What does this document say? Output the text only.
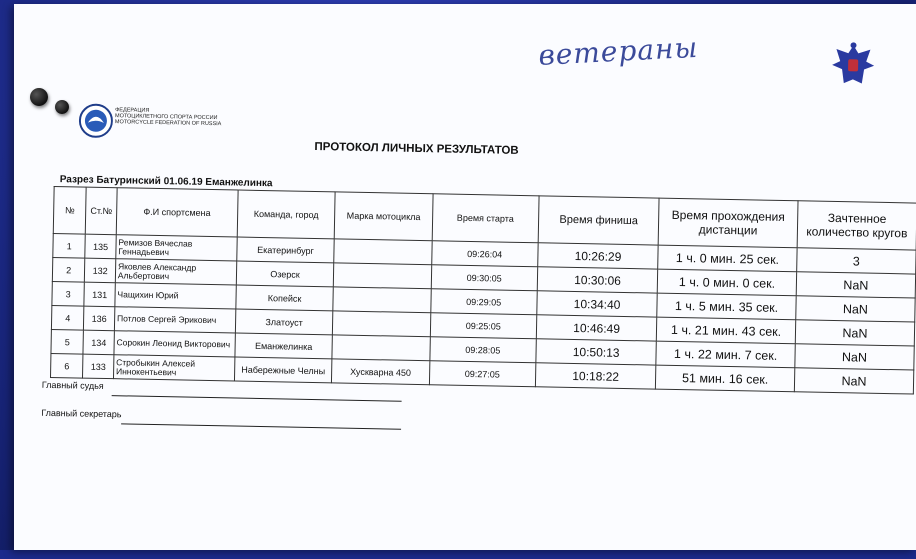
ветераны
ФЕДЕРАЦИЯ
МОТОЦИКЛЕТНОГО СПОРТА РОССИИ
MOTORCYCLE FEDERATION OF RUSSIA
ПРОТОКОЛ ЛИЧНЫХ РЕЗУЛЬТАТОВ
Разрез Батуринский 01.06.19 Еманжелинка
№	Ст.№	Ф.И спортсмена	Команда, город	Марка мотоцикла	Время старта	Время финиша	Время прохождения дистанции	Зачтенное количество кругов
1	135	Ремизов Вячеслав Геннадьевич	Екатеринбург		09:26:04	10:26:29	1 ч. 0 мин. 25 сек.	3
2	132	Яковлев Александр Альбертович	Озерск		09:30:05	10:30:06	1 ч. 0 мин. 0 сек.	NaN
3	131	Чащихин Юрий	Копейск		09:29:05	10:34:40	1 ч. 5 мин. 35 сек.	NaN
4	136	Потлов Сергей Эрикович	Златоуст		09:25:05	10:46:49	1 ч. 21 мин. 43 сек.	NaN
5	134	Сорокин Леонид Викторович	Еманжелинка		09:28:05	10:50:13	1 ч. 22 мин. 7 сек.	NaN
6	133	Стробыкин Алексей Иннокентьевич	Набережные Челны	Хускварна 450	09:27:05	10:18:22	51 мин. 16 сек.	NaN
Главный судья
Главный секретарь
